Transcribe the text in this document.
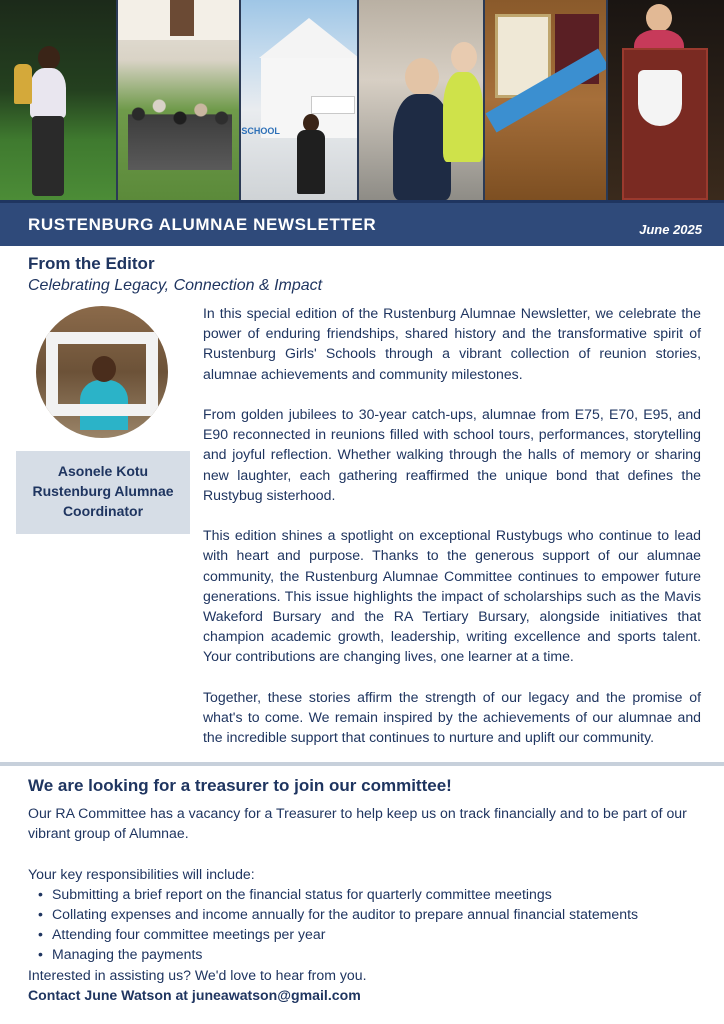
SCHOOL
RUSTENBURG ALUMNAE NEWSLETTER	June 2025
From the Editor
Celebrating Legacy, Connection & Impact
Asonele Kotu
Rustenburg Alumnae
Coordinator

In this special edition of the Rustenburg Alumnae Newsletter, we celebrate the power of enduring friendships, shared history and the transformative spirit of Rustenburg Girls' Schools through a vibrant collection of reunion stories, alumnae achievements and community milestones.

From golden jubilees to 30-year catch-ups, alumnae from E75, E70, E95, and E90 reconnected in reunions filled with school tours, performances, storytelling and joyful reflection. Whether walking through the halls of memory or sharing new laughter, each gathering reaffirmed the unique bond that defines the Rustybug sisterhood.

This edition shines a spotlight on exceptional Rustybugs who continue to lead with heart and purpose. Thanks to the generous support of our alumnae community, the Rustenburg Alumnae Committee continues to empower future generations. This issue highlights the impact of scholarships such as the Mavis Wakeford Bursary and the RA Tertiary Bursary, alongside initiatives that champion academic growth, leadership, writing excellence and sports talent. Your contributions are changing lives, one learner at a time.

Together, these stories affirm the strength of our legacy and the promise of what's to come. We remain inspired by the achievements of our alumnae and the incredible support that continues to nurture and uplift our community.

We are looking for a treasurer to join our committee!

Our RA Committee has a vacancy for a Treasurer to help keep us on track financially and to be part of our vibrant group of Alumnae.

Your key responsibilities will include:

• Submitting a brief report on the financial status for quarterly committee meetings
• Collating expenses and income annually for the auditor to prepare annual financial statements
• Attending four committee meetings per year
• Managing the payments

Interested in assisting us? We'd love to hear from you.

Contact June Watson at juneawatson@gmail.com
